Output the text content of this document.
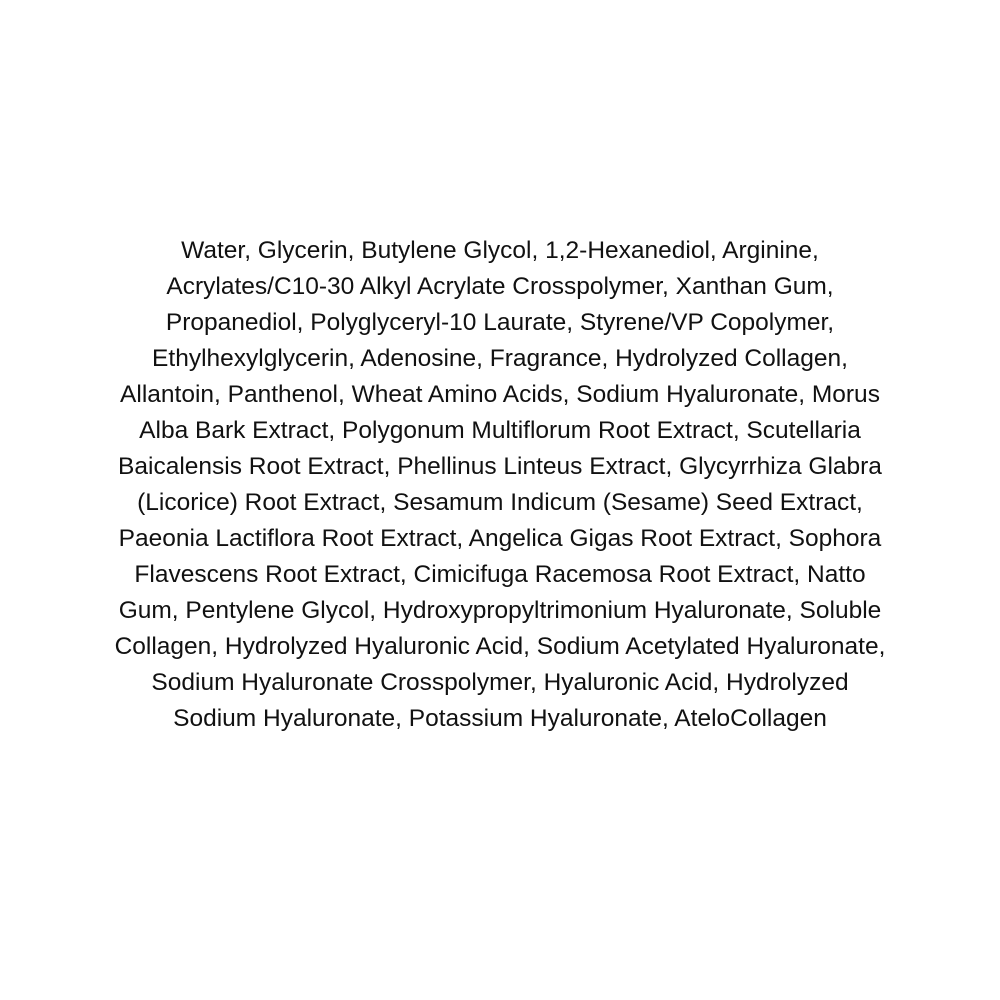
Water, Glycerin, Butylene Glycol, 1,2-Hexanediol, Arginine,
Acrylates/C10-30 Alkyl Acrylate Crosspolymer, Xanthan Gum,
Propanediol, Polyglyceryl-10 Laurate, Styrene/VP Copolymer,
Ethylhexylglycerin, Adenosine, Fragrance, Hydrolyzed Collagen,
Allantoin, Panthenol, Wheat Amino Acids, Sodium Hyaluronate, Morus
Alba Bark Extract, Polygonum Multiflorum Root Extract, Scutellaria
Baicalensis Root Extract, Phellinus Linteus Extract, Glycyrrhiza Glabra
(Licorice) Root Extract, Sesamum Indicum (Sesame) Seed Extract,
Paeonia Lactiflora Root Extract, Angelica Gigas Root Extract, Sophora
Flavescens Root Extract, Cimicifuga Racemosa Root Extract, Natto
Gum, Pentylene Glycol, Hydroxypropyltrimonium Hyaluronate, Soluble
Collagen, Hydrolyzed Hyaluronic Acid, Sodium Acetylated Hyaluronate,
Sodium Hyaluronate Crosspolymer, Hyaluronic Acid, Hydrolyzed
Sodium Hyaluronate, Potassium Hyaluronate, AteloCollagen
